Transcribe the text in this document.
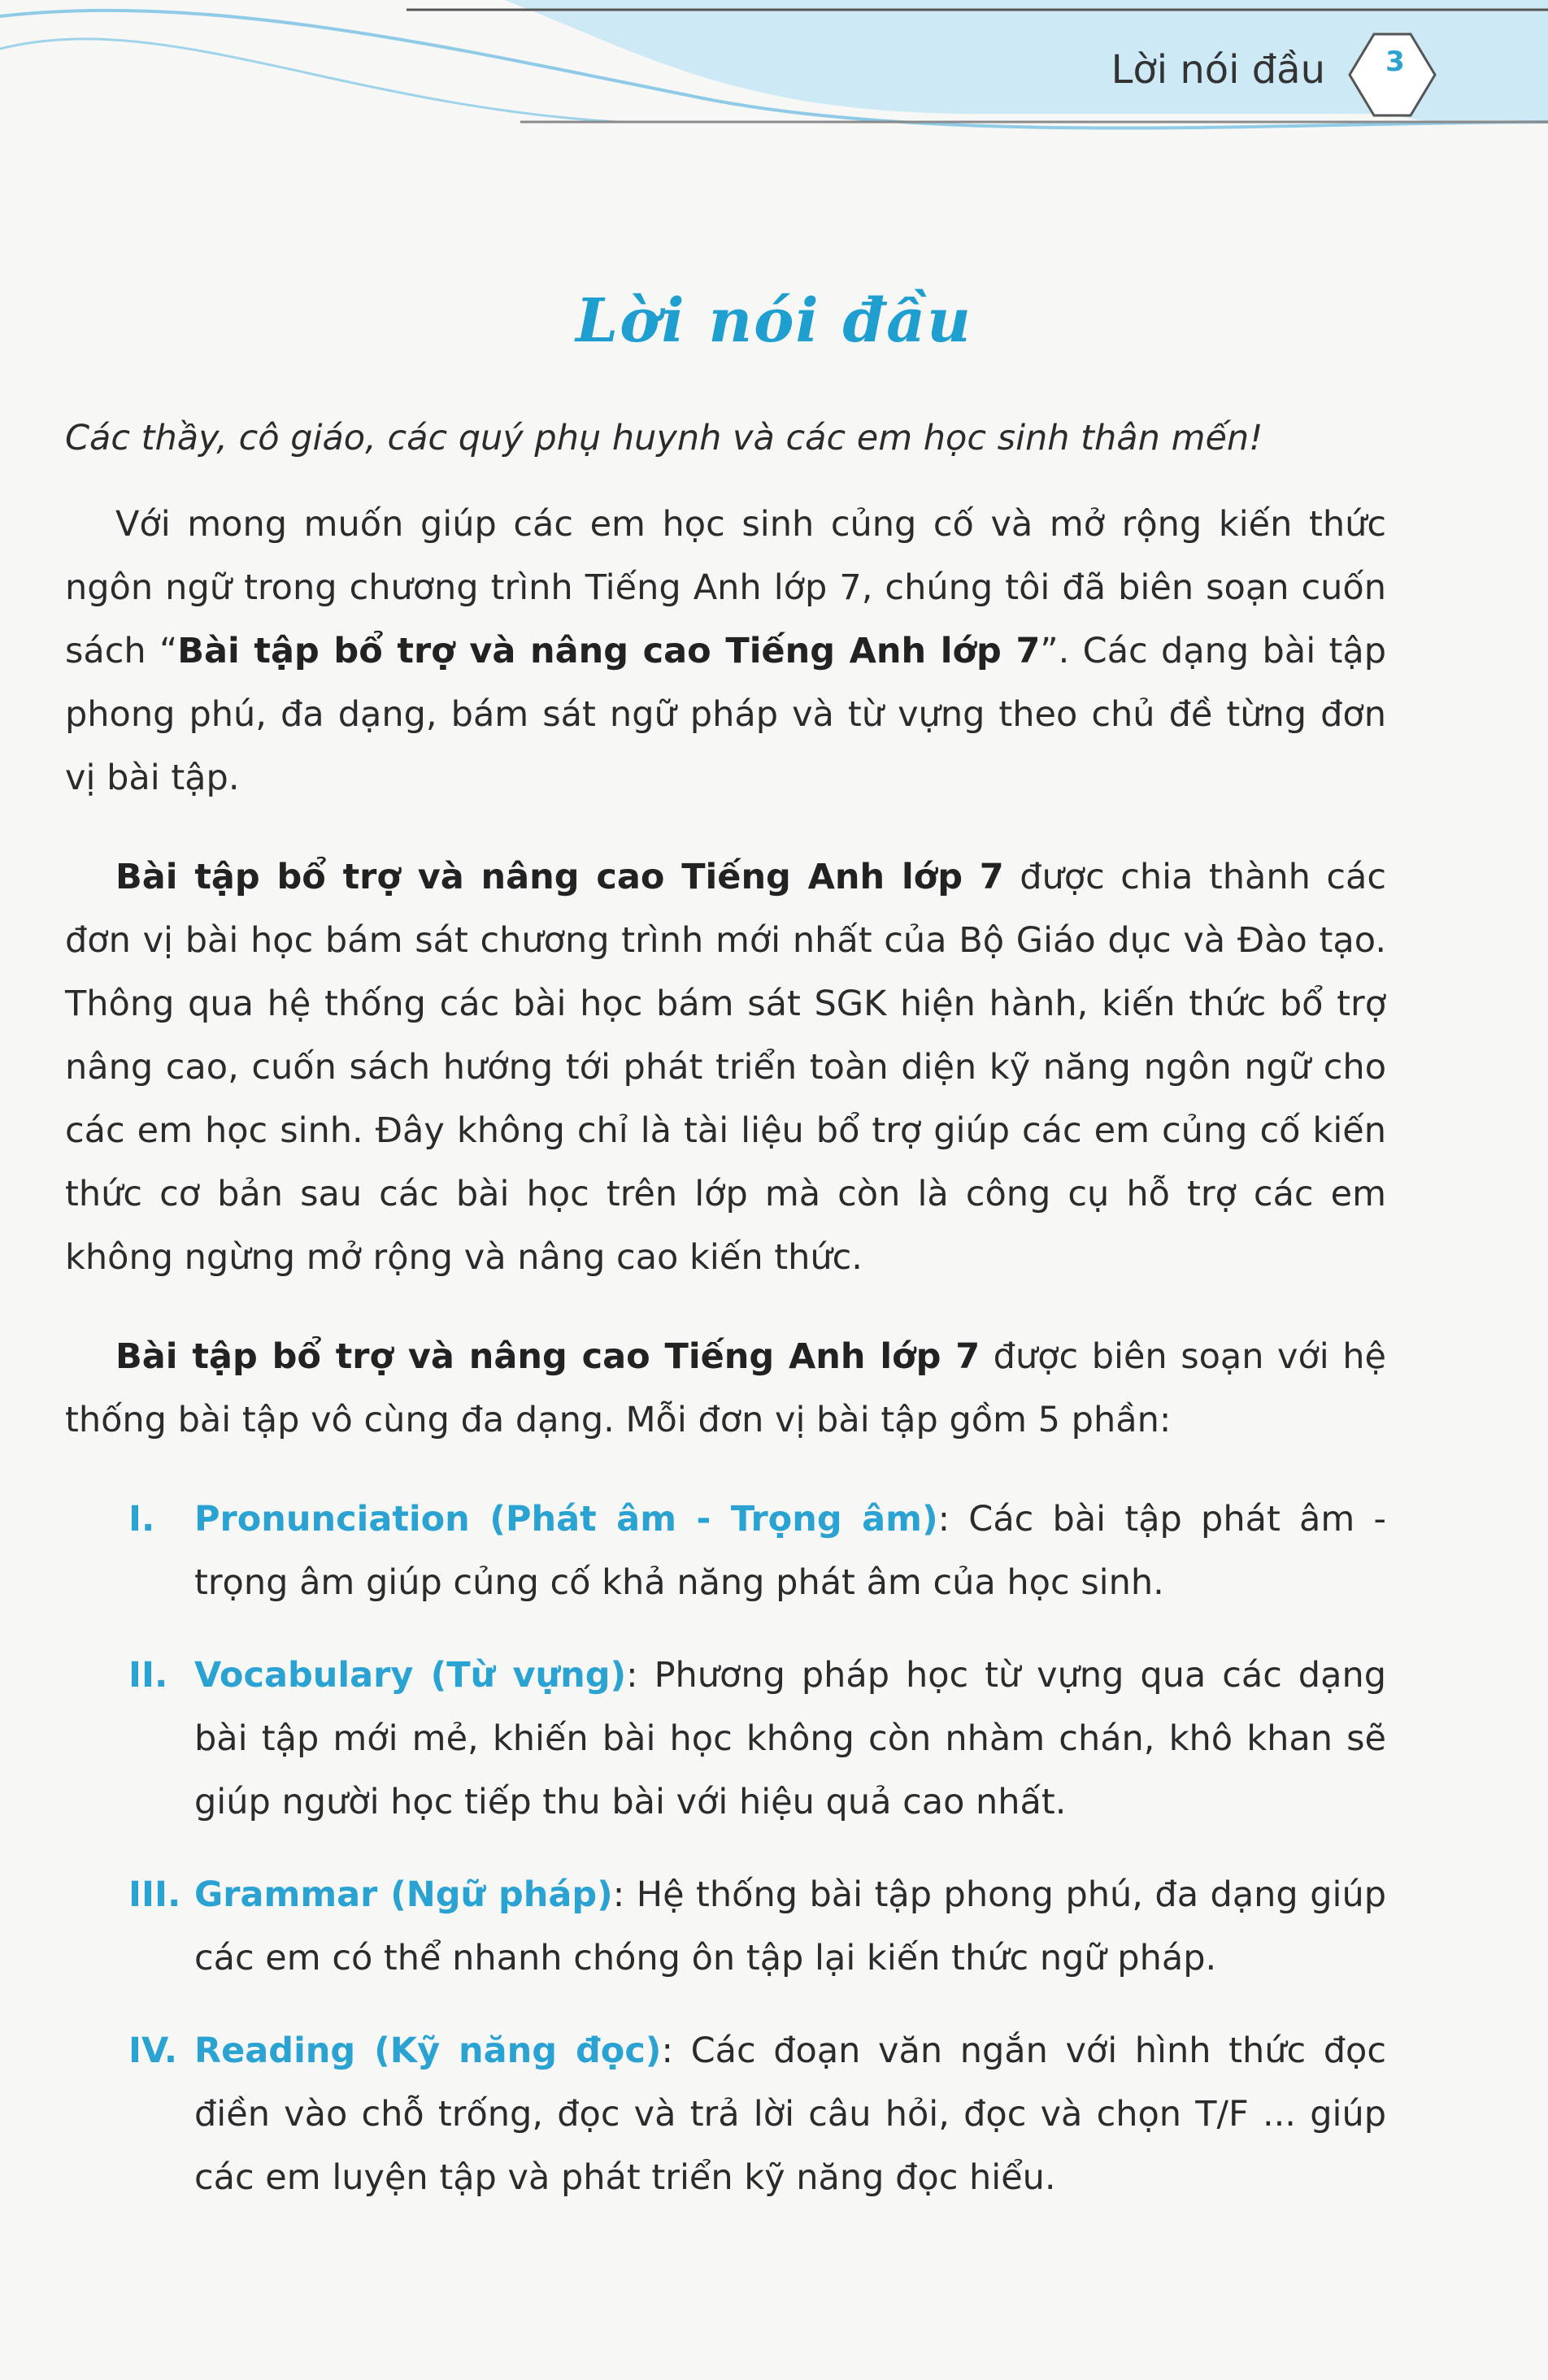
Lời nói đầu	3
Lời nói đầu

Các thầy, cô giáo, các quý phụ huynh và các em học sinh thân mến!

Với mong muốn giúp các em học sinh củng cố và mở rộng kiến thức ngôn ngữ trong chương trình Tiếng Anh lớp 7, chúng tôi đã biên soạn cuốn sách “Bài tập bổ trợ và nâng cao Tiếng Anh lớp 7”. Các dạng bài tập phong phú, đa dạng, bám sát ngữ pháp và từ vựng theo chủ đề từng đơn vị bài tập.

Bài tập bổ trợ và nâng cao Tiếng Anh lớp 7 được chia thành các đơn vị bài học bám sát chương trình mới nhất của Bộ Giáo dục và Đào tạo. Thông qua hệ thống các bài học bám sát SGK hiện hành, kiến thức bổ trợ nâng cao, cuốn sách hướng tới phát triển toàn diện kỹ năng ngôn ngữ cho các em học sinh. Đây không chỉ là tài liệu bổ trợ giúp các em củng cố kiến thức cơ bản sau các bài học trên lớp mà còn là công cụ hỗ trợ các em không ngừng mở rộng và nâng cao kiến thức.

Bài tập bổ trợ và nâng cao Tiếng Anh lớp 7 được biên soạn với hệ thống bài tập vô cùng đa dạng. Mỗi đơn vị bài tập gồm 5 phần:

I.	Pronunciation (Phát âm - Trọng âm): Các bài tập phát âm - trọng âm giúp củng cố khả năng phát âm của học sinh.
II. Vocabulary (Từ vựng): Phương pháp học từ vựng qua các dạng bài tập mới mẻ, khiến bài học không còn nhàm chán, khô khan sẽ giúp người học tiếp thu bài với hiệu quả cao nhất.
III. Grammar (Ngữ pháp): Hệ thống bài tập phong phú, đa dạng giúp các em có thể nhanh chóng ôn tập lại kiến thức ngữ pháp.
IV. Reading (Kỹ năng đọc): Các đoạn văn ngắn với hình thức đọc điền vào chỗ trống, đọc và trả lời câu hỏi, đọc và chọn T/F ... giúp các em luyện tập và phát triển kỹ năng đọc hiểu.
